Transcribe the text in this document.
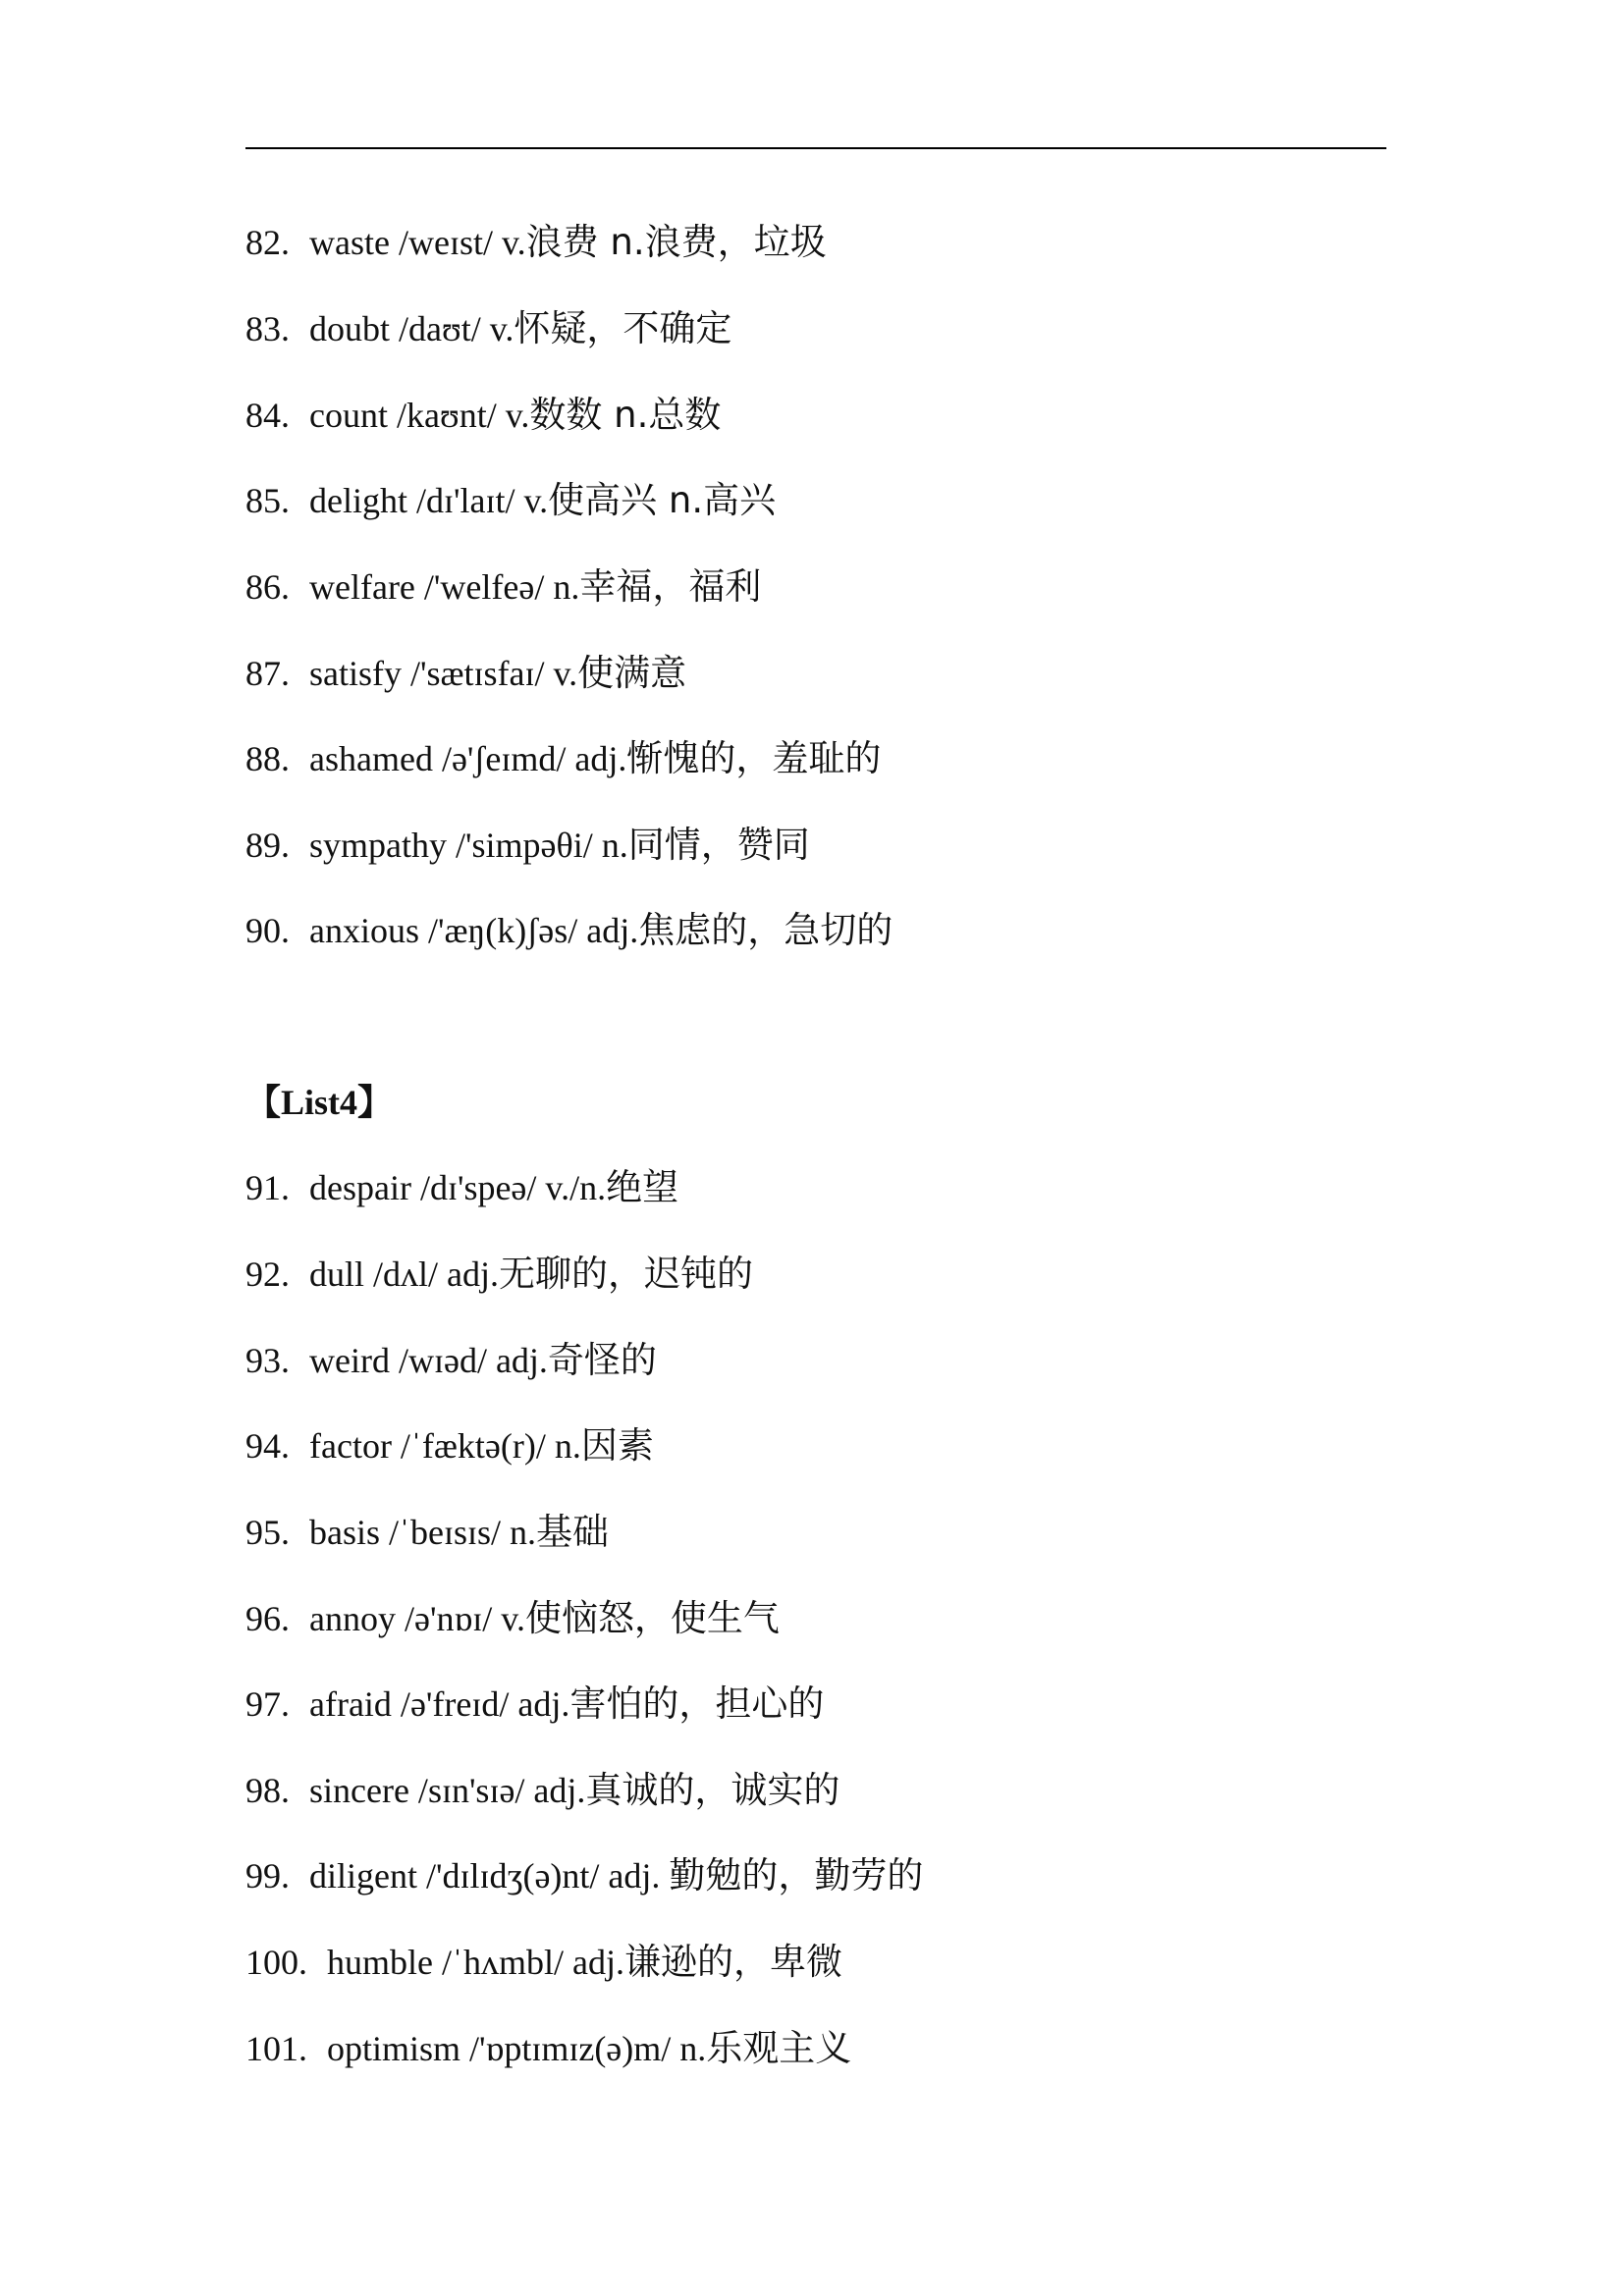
82. waste /weɪst/ v.浪费 n.浪费，垃圾
83. doubt /daʊt/ v.怀疑，不确定
84. count /kaʊnt/ v.数数 n.总数
85. delight /dɪ'laɪt/ v.使高兴 n.高兴
86. welfare /'welfeə/ n.幸福，福利
87. satisfy /'sætɪsfaɪ/ v.使满意
88. ashamed /ə'ʃeɪmd/ adj.惭愧的，羞耻的
89. sympathy /'simpəθi/ n.同情，赞同
90. anxious /'æŋ(k)ʃəs/ adj.焦虑的，急切的
【List4】
91. despair /dɪ'speə/ v./n.绝望
92. dull /dʌl/ adj.无聊的，迟钝的
93. weird /wɪəd/ adj.奇怪的
94. factor /ˈfæktə(r)/ n.因素
95. basis /ˈbeɪsɪs/ n.基础
96. annoy /ə'nɒɪ/ v.使恼怒，使生气
97. afraid /ə'freɪd/ adj.害怕的，担心的
98. sincere /sɪn'sɪə/ adj.真诚的，诚实的
99. diligent /'dɪlɪdʒ(ə)nt/ adj. 勤勉的，勤劳的
100. humble /ˈhʌmbl/ adj.谦逊的，卑微
101. optimism /'ɒptɪmɪz(ə)m/ n.乐观主义
